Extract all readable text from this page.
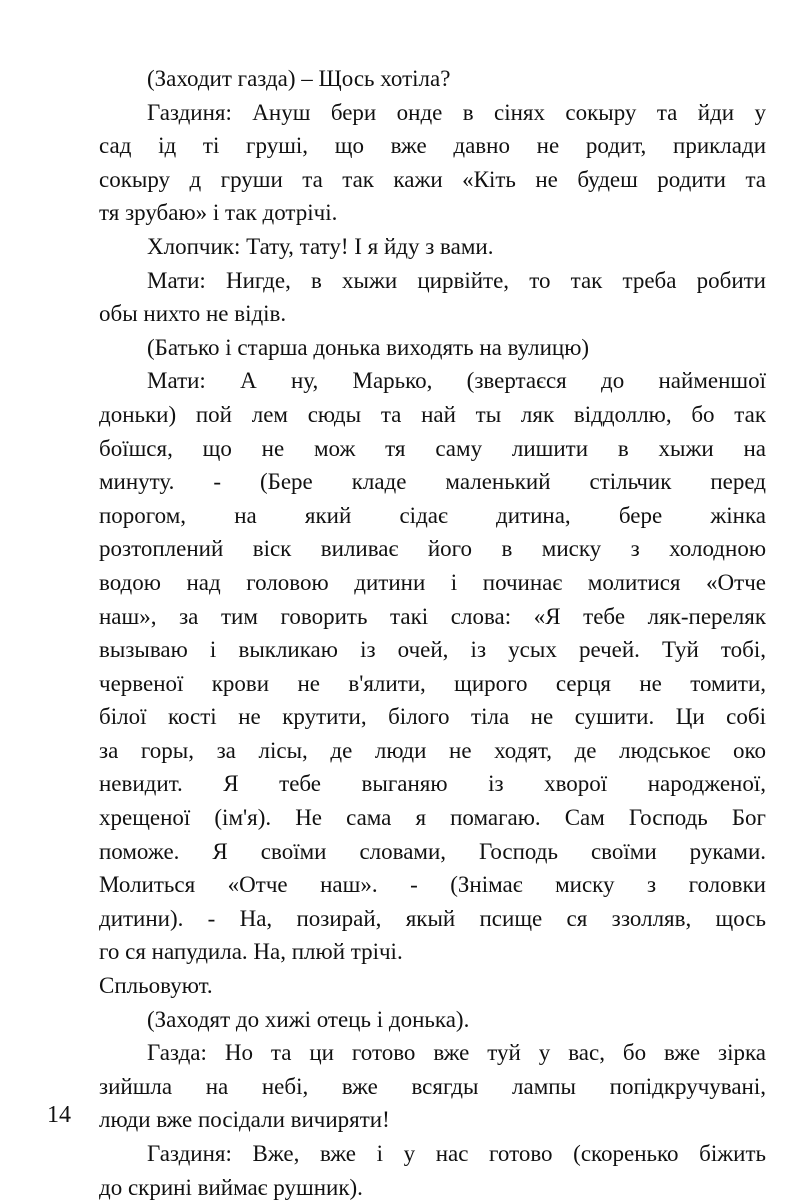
(Заходит газда) – Щось хотіла?
Газдиня: Ануш бери онде в сінях сокыру та йди у
сад ід ті груші, що вже давно не родит, приклади
сокыру д груши та так кажи «Кіть не будеш родити та
тя зрубаю» і так дотрічі.
Хлопчик: Тату, тату! І я йду з вами.
Мати: Нигде, в хыжи цирвійте, то так треба робити
обы нихто не відів.
(Батько і старша донька виходять на вулицю)
Мати: А ну, Марько, (звертаєся до найменшої
доньки) пой лем сюды та най ты ляк віддоллю, бо так
боїшся, що не мож тя саму лишити в хыжи на
минуту. - (Бере кладе маленький стільчик перед
порогом, на який сідає дитина, бере жінка
розтоплений віск виливає його в миску з холодною
водою над головою дитини і починає молитися «Отче
наш», за тим говорить такі слова: «Я тебе ляк-переляк
вызываю і выкликаю із очей, із усых речей. Туй тобі,
червеної крови не в'ялити, щирого серця не томити,
білої кості не крутити, білого тіла не сушити. Ци собі
за горы, за лісы, де люди не ходят, де людськоє око
невидит. Я тебе выганяю із хворої народженої,
хрещеної (ім'я). Не сама я помагаю. Сам Господь Бог
поможе. Я своїми словами, Господь своїми руками.
Молиться «Отче наш». - (Знімає миску з головки
дитини). - На, позирай, якый псище ся ззолляв, щось
го ся напудила. На, плюй трічі.
Спльовуют.
(Заходят до хижі отець і донька).
Газда: Но та ци готово вже туй у вас, бо вже зірка
зийшла на небі, вже всягды лампы попідкручувані,
люди вже посідали вичиряти!
Газдиня: Вже, вже і у нас готово (скоренько біжить
до скрині виймає рушник).
14
